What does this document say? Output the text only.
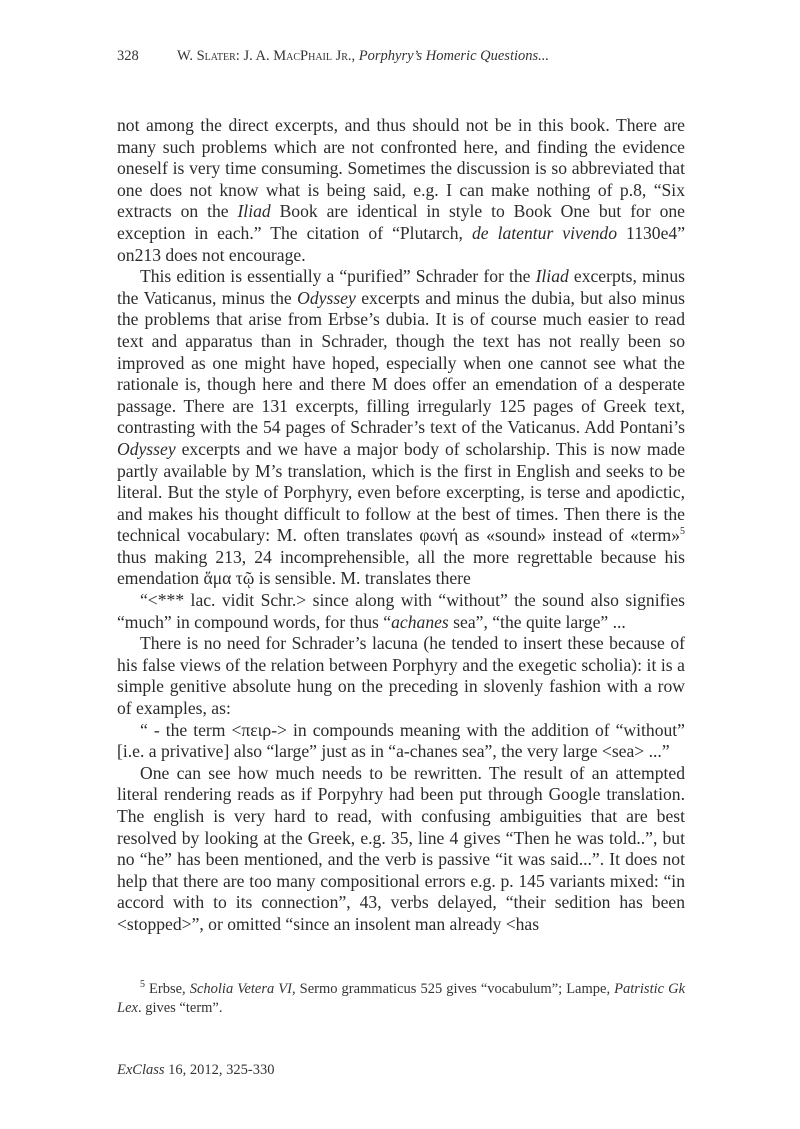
328	W. Slater: J. A. MacPhail Jr., Porphyry’s Homeric Questions...

not among the direct excerpts, and thus should not be in this book. There are many such problems which are not confronted here, and finding the evidence oneself is very time consuming. Sometimes the discussion is so abbreviated that one does not know what is being said, e.g. I can make nothing of p.8, “Six extracts on the Iliad Book are identical in style to Book One but for one exception in each.” The citation of “Plutarch, de latentur vivendo 1130e4” on213 does not encourage.

This edition is essentially a “purified” Schrader for the Iliad excerpts, minus the Vaticanus, minus the Odyssey excerpts and minus the dubia, but also minus the problems that arise from Erbse’s dubia. It is of course much easier to read text and apparatus than in Schrader, though the text has not really been so improved as one might have hoped, especially when one cannot see what the rationale is, though here and there M does offer an emendation of a desperate passage. There are 131 excerpts, filling irregularly 125 pages of Greek text, contrasting with the 54 pages of Schrader’s text of the Vaticanus. Add Pontani’s Odyssey excerpts and we have a major body of scholarship. This is now made partly available by M’s translation, which is the first in English and seeks to be literal. But the style of Porphyry, even before excerpting, is terse and apodictic, and makes his thought difficult to follow at the best of times. Then there is the technical vocabulary: M. often translates φωνή as «sound» instead of «term»$^5$ thus making 213, 24 incomprehensible, all the more regrettable because his emendation ἅμα τῷ is sensible. M. translates there

“<*** lac. vidit Schr.> since along with “without” the sound also signifies “much” in compound words, for thus “achanes sea”, “the quite large” ...

There is no need for Schrader’s lacuna (he tended to insert these because of his false views of the relation between Porphyry and the exegetic scholia): it is a simple genitive absolute hung on the preceding in slovenly fashion with a row of examples, as:

“ - the term <πειρ-> in compounds meaning with the addition of “without” [i.e. a privative] also “large” just as in “a-chanes sea”, the very large <sea> ...”

One can see how much needs to be rewritten. The result of an attempted literal rendering reads as if Porpyhry had been put through Google translation. The english is very hard to read, with confusing ambiguities that are best resolved by looking at the Greek, e.g. 35, line 4 gives “Then he was told..”, but no “he” has been mentioned, and the verb is passive “it was said...”. It does not help that there are too many compositional errors e.g. p. 145 variants mixed: “in accord with to its connection”, 43, verbs delayed, “their sedition has been <stopped>”, or omitted “since an insolent man already <has

$^5$ Erbse, Scholia Vetera VI, Sermo grammaticus 525 gives “vocabulum”; Lampe, Patristic Gk Lex. gives “term”.
ExClass 16, 2012, 325-330
